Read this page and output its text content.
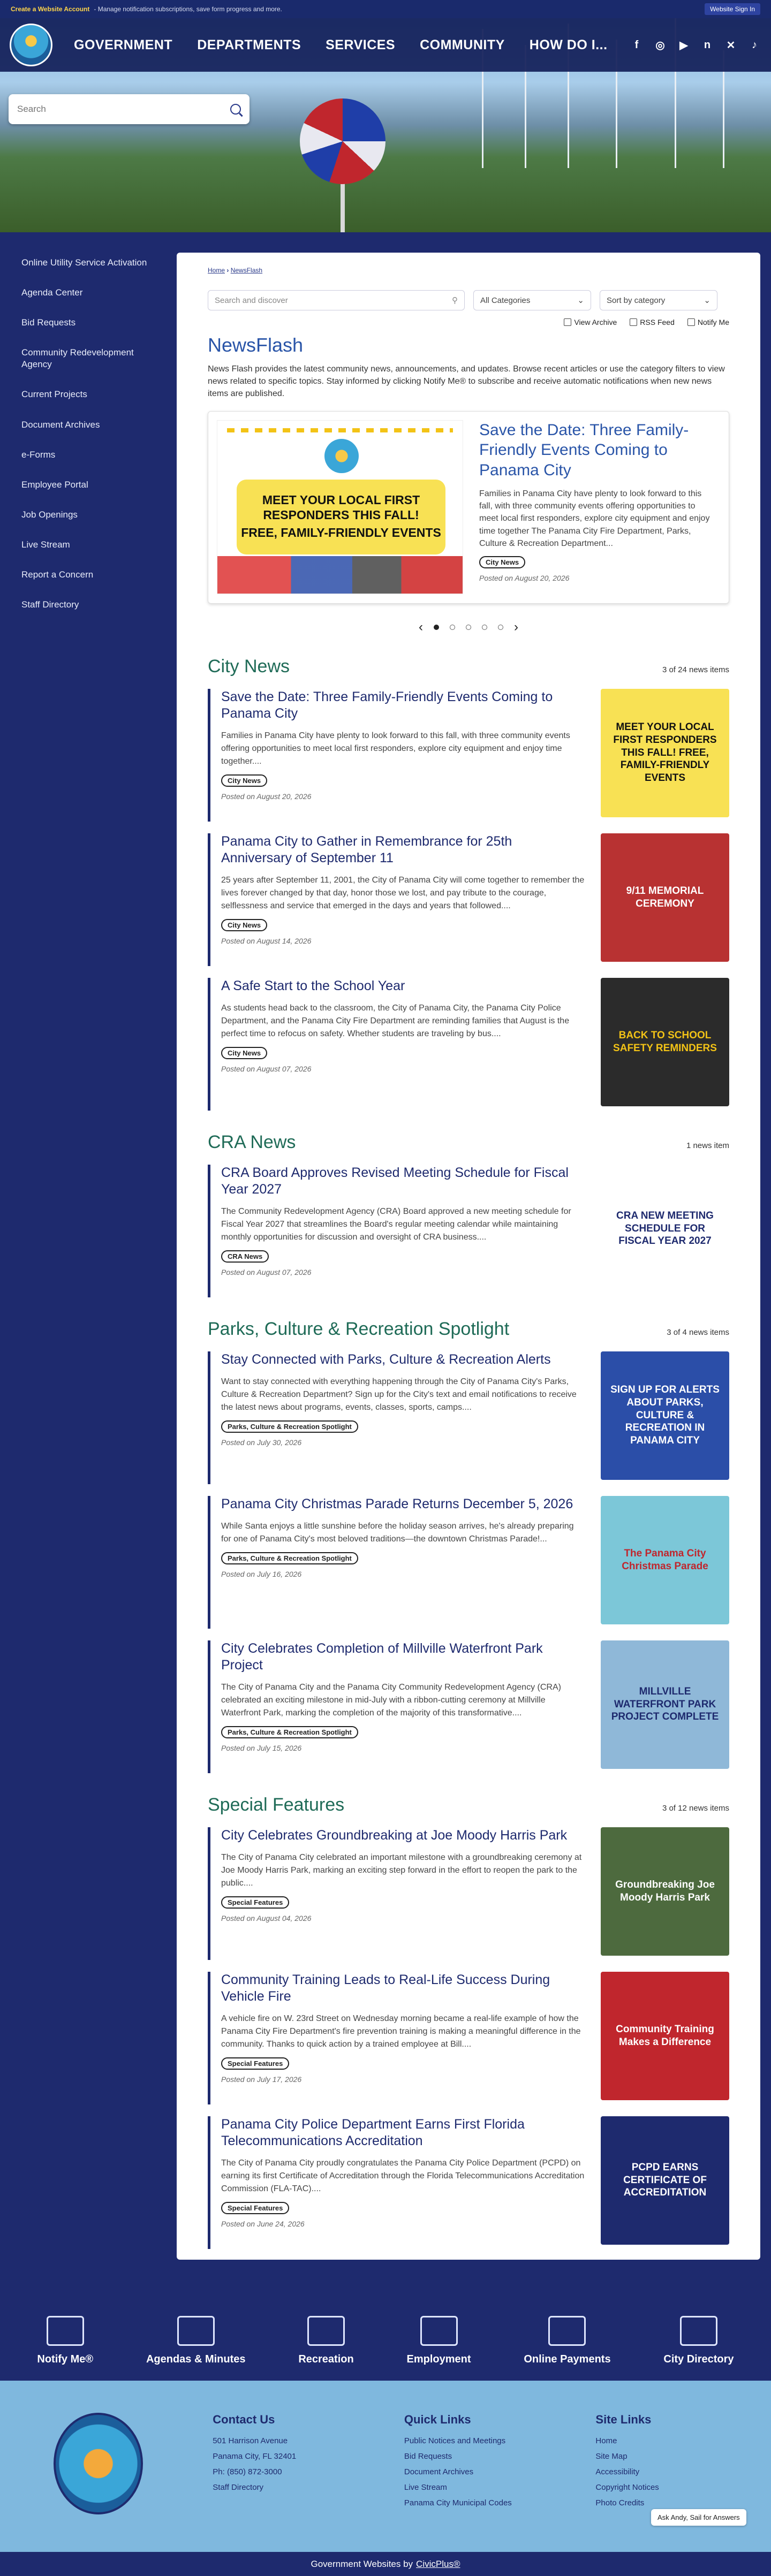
Create a Website Account - Manage notification subscriptions, save form progress and more.	Website Sign In
GOVERNMENT DEPARTMENTS SERVICES COMMUNITY HOW DO I...	f	◎ ▶	n	✕	♪
Search
Online Utility Service Activation
Agenda Center
Bid Requests
Community Redevelopment Agency
Current Projects
Document Archives
e-Forms
Employee Portal
Job Openings
Live Stream
Report a Concern
Staff Directory
Home › NewsFlash
Search and discover	⚲	All Categories	⌄	Sort by category	⌄
View Archive	RSS Feed	Notify Me
NewsFlash

News Flash provides the latest community news, announcements, and updates. Browse recent articles or use the category filters to view news related to specific topics. Stay informed by clicking Notify Me® to subscribe and receive automatic notifications when new news items are published.

MEET YOUR LOCAL FIRST RESPONDERS THIS FALL!
FREE, FAMILY-FRIENDLY EVENTS
Save the Date: Three Family-Friendly Events Coming to Panama City

Families in Panama City have plenty to look forward to this fall, with three community events offering opportunities to meet local first responders, explore city equipment and enjoy time together The Panama City Fire Department, Parks, Culture & Recreation Department...

City News
Posted on August 20, 2026
‹	›
City News	3 of 24 news items
Save the Date: Three Family-Friendly Events Coming to Panama City

Families in Panama City have plenty to look forward to this fall, with three community events offering opportunities to meet local first responders, explore city equipment and enjoy time together....

City News
Posted on August 20, 2026
MEET YOUR LOCAL FIRST RESPONDERS THIS FALL! FREE, FAMILY-FRIENDLY EVENTS
Panama City to Gather in Remembrance for 25th Anniversary of September 11

25 years after September 11, 2001, the City of Panama City will come together to remember the lives forever changed by that day, honor those we lost, and pay tribute to the courage, selflessness and service that emerged in the days and years that followed....

City News
Posted on August 14, 2026
9/11 MEMORIAL CEREMONY
A Safe Start to the School Year

As students head back to the classroom, the City of Panama City, the Panama City Police Department, and the Panama City Fire Department are reminding families that August is the perfect time to refocus on safety. Whether students are traveling by bus....

City News
Posted on August 07, 2026
BACK TO SCHOOL SAFETY REMINDERS
CRA News	1 news item
CRA Board Approves Revised Meeting Schedule for Fiscal Year 2027

The Community Redevelopment Agency (CRA) Board approved a new meeting schedule for Fiscal Year 2027 that streamlines the Board's regular meeting calendar while maintaining monthly opportunities for discussion and oversight of CRA business....

CRA News
Posted on August 07, 2026
CRA NEW MEETING SCHEDULE FOR FISCAL YEAR 2027
Parks, Culture & Recreation Spotlight	3 of 4 news items
Stay Connected with Parks, Culture & Recreation Alerts

Want to stay connected with everything happening through the City of Panama City's Parks, Culture & Recreation Department? Sign up for the City's text and email notifications to receive the latest news about programs, events, classes, sports, camps....

Parks, Culture & Recreation Spotlight
Posted on July 30, 2026
SIGN UP FOR ALERTS ABOUT PARKS, CULTURE & RECREATION IN PANAMA CITY
Panama City Christmas Parade Returns December 5, 2026

While Santa enjoys a little sunshine before the holiday season arrives, he's already preparing for one of Panama City's most beloved traditions—the downtown Christmas Parade!...

Parks, Culture & Recreation Spotlight
Posted on July 16, 2026
The Panama City Christmas Parade
City Celebrates Completion of Millville Waterfront Park Project

The City of Panama City and the Panama City Community Redevelopment Agency (CRA) celebrated an exciting milestone in mid-July with a ribbon-cutting ceremony at Millville Waterfront Park, marking the completion of the majority of this transformative....

Parks, Culture & Recreation Spotlight
Posted on July 15, 2026
MILLVILLE WATERFRONT PARK PROJECT COMPLETE
Special Features	3 of 12 news items
City Celebrates Groundbreaking at Joe Moody Harris Park

The City of Panama City celebrated an important milestone with a groundbreaking ceremony at Joe Moody Harris Park, marking an exciting step forward in the effort to reopen the park to the public....

Special Features
Posted on August 04, 2026
Groundbreaking Joe Moody Harris Park
Community Training Leads to Real-Life Success During Vehicle Fire

A vehicle fire on W. 23rd Street on Wednesday morning became a real-life example of how the Panama City Fire Department's fire prevention training is making a meaningful difference in the community. Thanks to quick action by a trained employee at Bill....

Special Features
Posted on July 17, 2026
Community Training Makes a Difference
Panama City Police Department Earns First Florida Telecommunications Accreditation

The City of Panama City proudly congratulates the Panama City Police Department (PCPD) on earning its first Certificate of Accreditation through the Florida Telecommunications Accreditation Commission (FLA-TAC)....

Special Features
Posted on June 24, 2026
PCPD EARNS CERTIFICATE OF ACCREDITATION
Notify Me®	Agendas & Minutes	Recreation	Employment	Online Payments	City Directory
Contact Us
501 Harrison Avenue
Panama City, FL 32401
Ph: (850) 872-3000
Staff Directory
Quick Links
Public Notices and Meetings
Bid Requests
Document Archives
Live Stream
Panama City Municipal Codes
Site Links
Home
Site Map
Accessibility
Copyright Notices
Photo Credits
Ask Andy, Sail for Answers
Government Websites by CivicPlus®
